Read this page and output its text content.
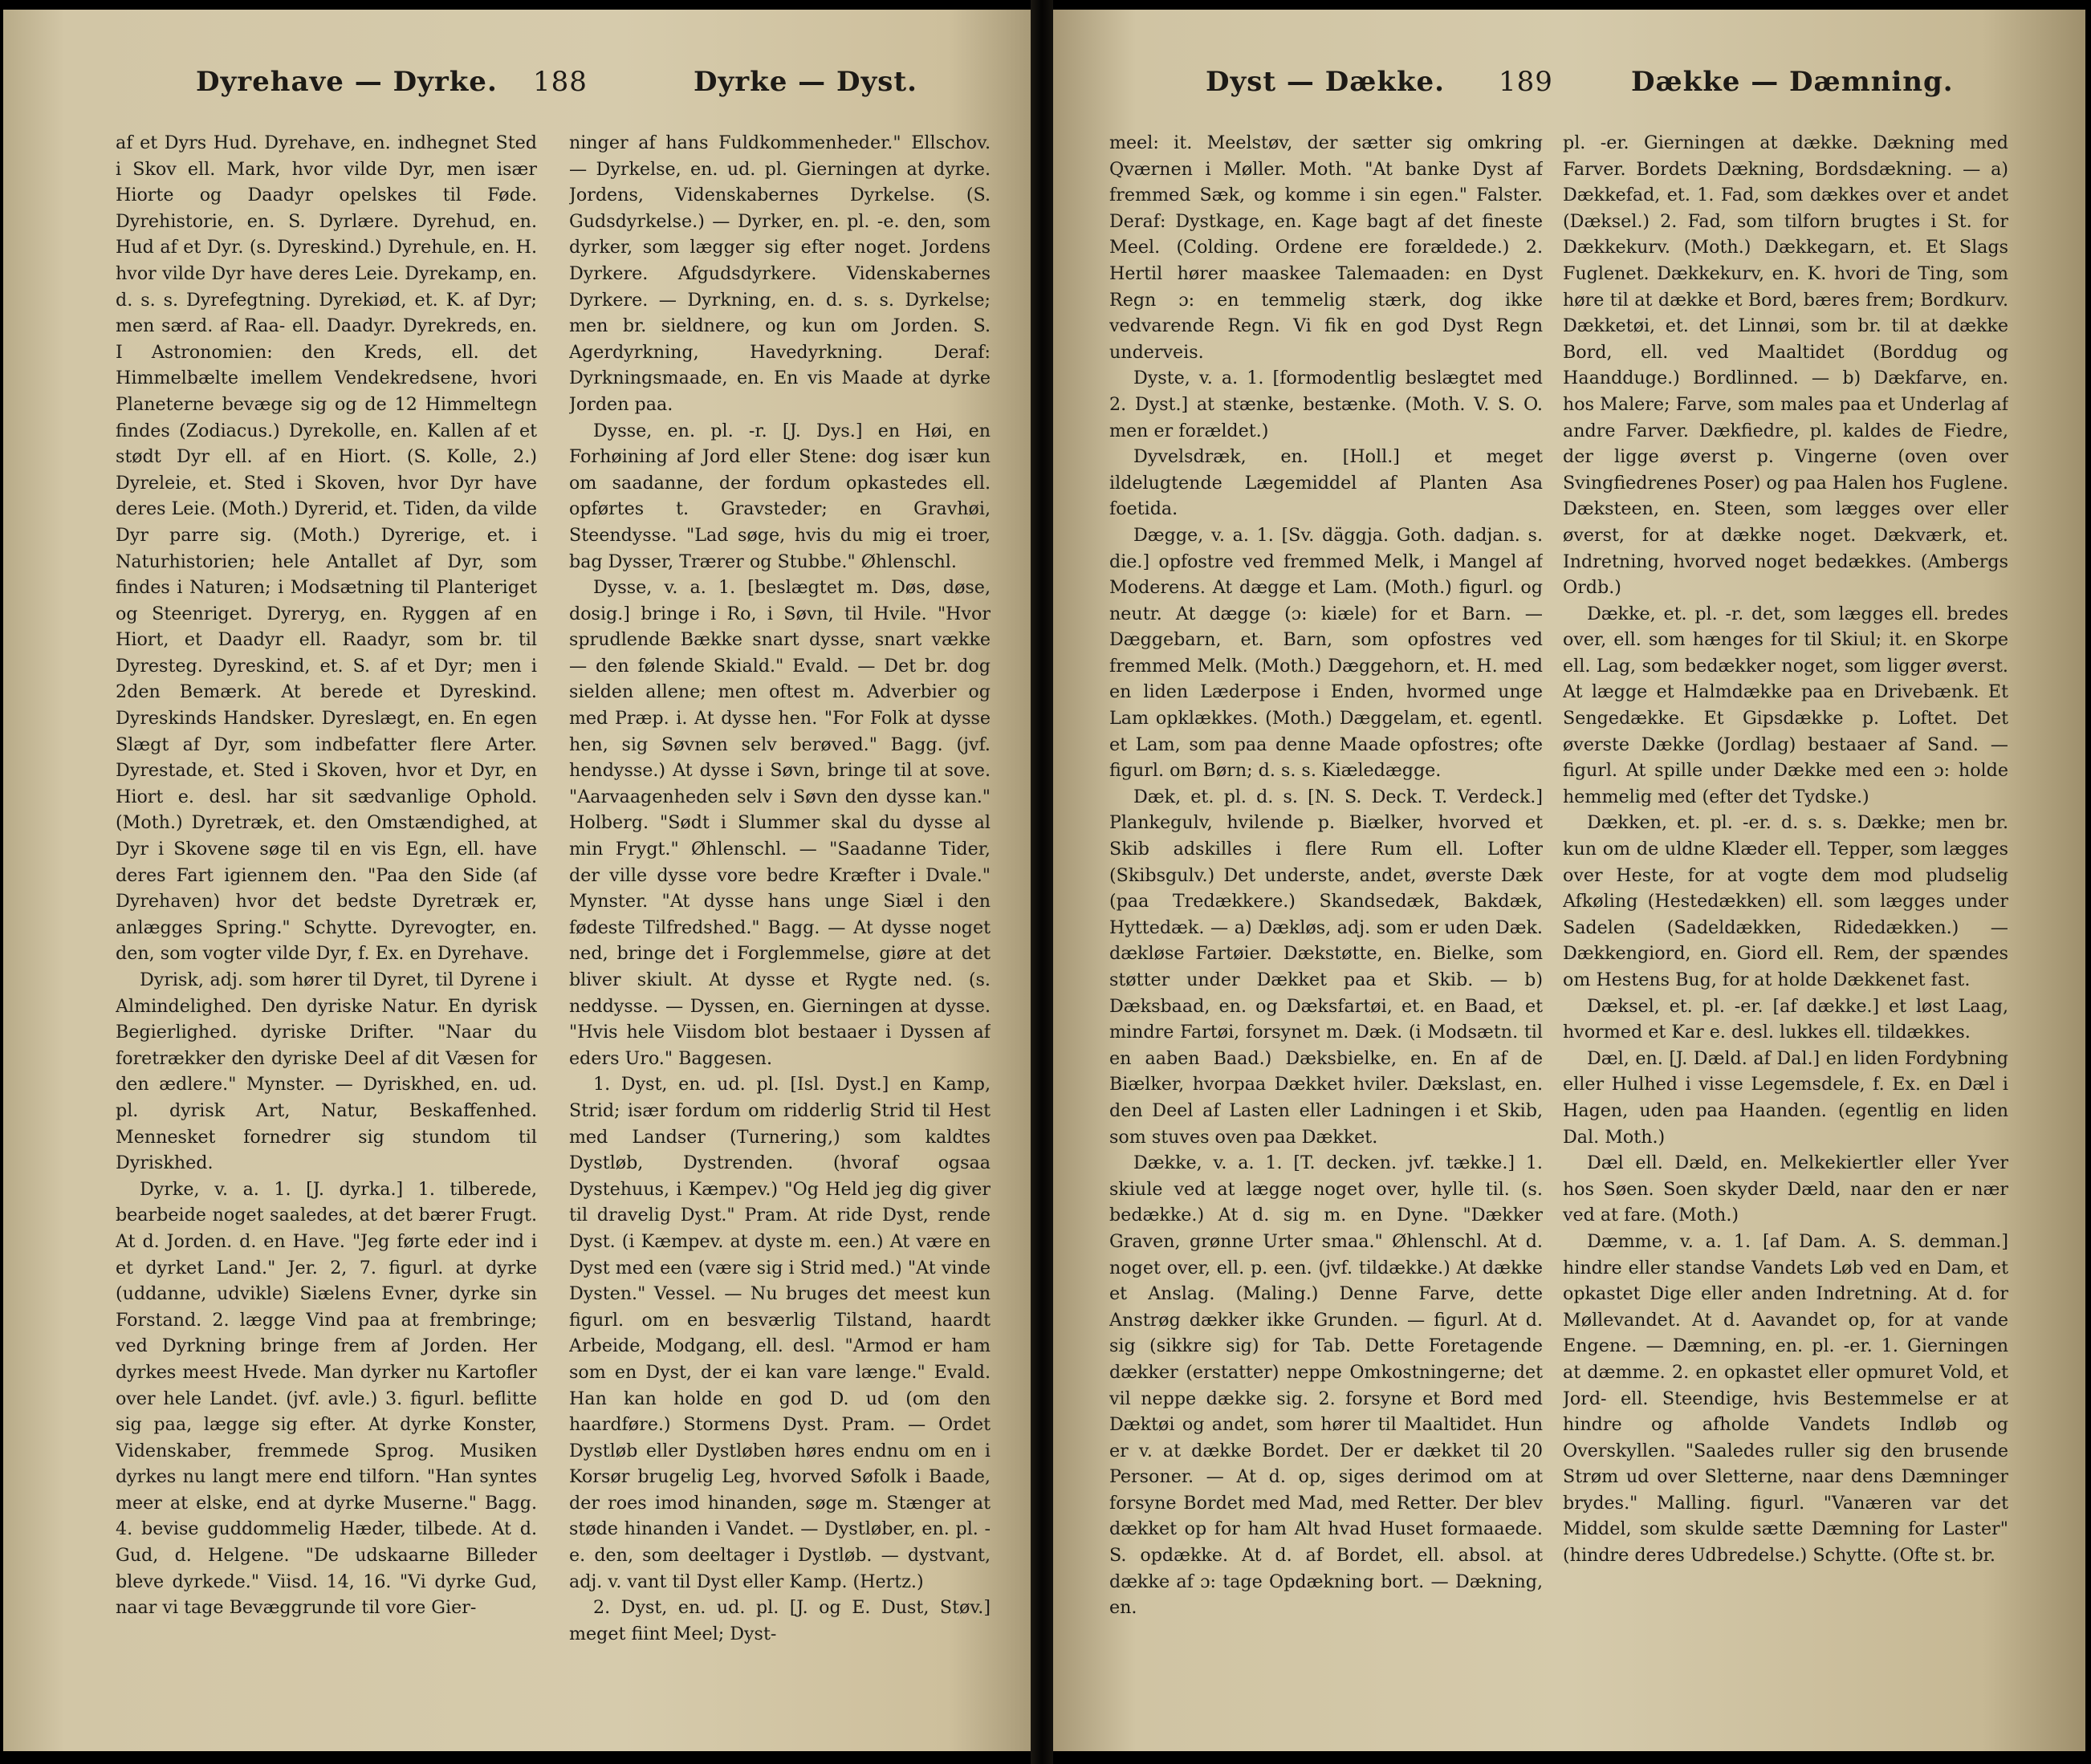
Dyrehave — Dyrke. 188	Dyrke — Dyst.

af et Dyrs Hud. Dyrehave, en. indhegnet Sted i Skov ell. Mark, hvor vilde Dyr, men især Hiorte og Daadyr opelskes til Føde. Dyrehistorie, en. S. Dyrlære. Dyrehud, en. Hud af et Dyr. (s. Dyreskind.) Dyrehule, en. H. hvor vilde Dyr have deres Leie. Dyrekamp, en. d. s. s. Dyrefegtning. Dyrekiød, et. K. af Dyr; men særd. af Raa- ell. Daadyr. Dyrekreds, en. I Astronomien: den Kreds, ell. det Himmelbælte imellem Vendekredsene, hvori Planeterne bevæge sig og de 12 Himmeltegn findes (Zodiacus.) Dyrekolle, en. Kallen af et stødt Dyr ell. af en Hiort. (S. Kolle, 2.) Dyreleie, et. Sted i Skoven, hvor Dyr have deres Leie. (Moth.) Dyrerid, et. Tiden, da vilde Dyr parre sig. (Moth.) Dyrerige, et. i Naturhistorien; hele Antallet af Dyr, som findes i Naturen; i Modsætning til Planteriget og Steenriget. Dyreryg, en. Ryggen af en Hiort, et Daadyr ell. Raadyr, som br. til Dyresteg. Dyreskind, et. S. af et Dyr; men i 2den Bemærk. At berede et Dyreskind. Dyreskinds Handsker. Dyreslægt, en. En egen Slægt af Dyr, som indbefatter flere Arter. Dyrestade, et. Sted i Skoven, hvor et Dyr, en Hiort e. desl. har sit sædvanlige Ophold. (Moth.) Dyretræk, et. den Omstændighed, at Dyr i Skovene søge til en vis Egn, ell. have deres Fart igiennem den. "Paa den Side (af Dyrehaven) hvor det bedste Dyretræk er, anlægges Spring." Schytte. Dyrevogter, en. den, som vogter vilde Dyr, f. Ex. en Dyrehave.

Dyrisk, adj. som hører til Dyret, til Dyrene i Almindelighed. Den dyriske Natur. En dyrisk Begierlighed. dyriske Drifter. "Naar du foretrækker den dyriske Deel af dit Væsen for den ædlere." Mynster. — Dyriskhed, en. ud. pl. dyrisk Art, Natur, Beskaffenhed. Mennesket fornedrer sig stundom til Dyriskhed.

Dyrke, v. a. 1. [J. dyrka.] 1. tilberede, bearbeide noget saaledes, at det bærer Frugt. At d. Jorden. d. en Have. "Jeg førte eder ind i et dyrket Land." Jer. 2, 7. figurl. at dyrke (uddanne, udvikle) Siælens Evner, dyrke sin Forstand. 2. lægge Vind paa at frembringe; ved Dyrkning bringe frem af Jorden. Her dyrkes meest Hvede. Man dyrker nu Kartofler over hele Landet. (jvf. avle.) 3. figurl. beflitte sig paa, lægge sig efter. At dyrke Konster, Videnskaber, fremmede Sprog. Musiken dyrkes nu langt mere end tilforn. "Han syntes meer at elske, end at dyrke Muserne." Bagg. 4. bevise guddommelig Hæder, tilbede. At d. Gud, d. Helgene. "De udskaarne Billeder bleve dyrkede." Viisd. 14, 16. "Vi dyrke Gud, naar vi tage Bevæggrunde til vore Gier-

ninger af hans Fuldkommenheder." Ellschov. — Dyrkelse, en. ud. pl. Gierningen at dyrke. Jordens, Videnskabernes Dyrkelse. (S. Gudsdyrkelse.) — Dyrker, en. pl. -e. den, som dyrker, som lægger sig efter noget. Jordens Dyrkere. Afgudsdyrkere. Videnskabernes Dyrkere. — Dyrkning, en. d. s. s. Dyrkelse; men br. sieldnere, og kun om Jorden. S. Agerdyrkning, Havedyrkning. Deraf: Dyrkningsmaade, en. En vis Maade at dyrke Jorden paa.

Dysse, en. pl. -r. [J. Dys.] en Høi, en Forhøining af Jord eller Stene: dog især kun om saadanne, der fordum opkastedes ell. opførtes t. Gravsteder; en Gravhøi, Steendysse. "Lad søge, hvis du mig ei troer, bag Dysser, Trærer og Stubbe." Øhlenschl.

Dysse, v. a. 1. [beslægtet m. Døs, døse, dosig.] bringe i Ro, i Søvn, til Hvile. "Hvor sprudlende Bække snart dysse, snart vække — den følende Skiald." Evald. — Det br. dog sielden allene; men oftest m. Adverbier og med Præp. i. At dysse hen. "For Folk at dysse hen, sig Søvnen selv berøved." Bagg. (jvf. hendysse.) At dysse i Søvn, bringe til at sove. "Aarvaagenheden selv i Søvn den dysse kan." Holberg. "Sødt i Slummer skal du dysse al min Frygt." Øhlenschl. — "Saadanne Tider, der ville dysse vore bedre Kræfter i Dvale." Mynster. "At dysse hans unge Siæl i den fødeste Tilfredshed." Bagg. — At dysse noget ned, bringe det i Forglemmelse, giøre at det bliver skiult. At dysse et Rygte ned. (s. neddysse. — Dyssen, en. Gierningen at dysse. "Hvis hele Viisdom blot bestaaer i Dyssen af eders Uro." Baggesen.

1. Dyst, en. ud. pl. [Isl. Dyst.] en Kamp, Strid; især fordum om ridderlig Strid til Hest med Landser (Turnering,) som kaldtes Dystløb, Dystrenden. (hvoraf ogsaa Dystehuus, i Kæmpev.) "Og Held jeg dig giver til dravelig Dyst." Pram. At ride Dyst, rende Dyst. (i Kæmpev. at dyste m. een.) At være en Dyst med een (være sig i Strid med.) "At vinde Dysten." Vessel. — Nu bruges det meest kun figurl. om en besværlig Tilstand, haardt Arbeide, Modgang, ell. desl. "Armod er ham som en Dyst, der ei kan vare længe." Evald. Han kan holde en god D. ud (om den haardføre.) Stormens Dyst. Pram. — Ordet Dystløb eller Dystløben høres endnu om en i Korsør brugelig Leg, hvorved Søfolk i Baade, der roes imod hinanden, søge m. Stænger at støde hinanden i Vandet. — Dystløber, en. pl. -e. den, som deeltager i Dystløb. — dystvant, adj. v. vant til Dyst eller Kamp. (Hertz.)

2. Dyst, en. ud. pl. [J. og E. Dust, Støv.] meget fiint Meel; Dyst-

Dyst — Dække. 189	Dække — Dæmning.

meel: it. Meelstøv, der sætter sig omkring Qværnen i Møller. Moth. "At banke Dyst af fremmed Sæk, og komme i sin egen." Falster. Deraf: Dystkage, en. Kage bagt af det fineste Meel. (Colding. Ordene ere forældede.) 2. Hertil hører maaskee Talemaaden: en Dyst Regn ɔ: en temmelig stærk, dog ikke vedvarende Regn. Vi fik en god Dyst Regn underveis.

Dyste, v. a. 1. [formodentlig beslægtet med 2. Dyst.] at stænke, bestænke. (Moth. V. S. O. men er forældet.)

Dyvelsdræk, en. [Holl.] et meget ildelugtende Lægemiddel af Planten Asa foetida.

Dægge, v. a. 1. [Sv. däggja. Goth. dadjan. s. die.] opfostre ved fremmed Melk, i Mangel af Moderens. At dægge et Lam. (Moth.) figurl. og neutr. At dægge (ɔ: kiæle) for et Barn. — Dæggebarn, et. Barn, som opfostres ved fremmed Melk. (Moth.) Dæggehorn, et. H. med en liden Læderpose i Enden, hvormed unge Lam opklækkes. (Moth.) Dæggelam, et. egentl. et Lam, som paa denne Maade opfostres; ofte figurl. om Børn; d. s. s. Kiæledægge.

Dæk, et. pl. d. s. [N. S. Deck. T. Verdeck.] Plankegulv, hvilende p. Biælker, hvorved et Skib adskilles i flere Rum ell. Lofter (Skibsgulv.) Det underste, andet, øverste Dæk (paa Tredækkere.) Skandsedæk, Bakdæk, Hyttedæk. — a) Dækløs, adj. som er uden Dæk. dækløse Fartøier. Dækstøtte, en. Bielke, som støtter under Dækket paa et Skib. — b) Dæksbaad, en. og Dæksfartøi, et. en Baad, et mindre Fartøi, forsynet m. Dæk. (i Modsætn. til en aaben Baad.) Dæksbielke, en. En af de Biælker, hvorpaa Dækket hviler. Dækslast, en. den Deel af Lasten eller Ladningen i et Skib, som stuves oven paa Dækket.

Dække, v. a. 1. [T. decken. jvf. tække.] 1. skiule ved at lægge noget over, hylle til. (s. bedække.) At d. sig m. en Dyne. "Dækker Graven, grønne Urter smaa." Øhlenschl. At d. noget over, ell. p. een. (jvf. tildække.) At dække et Anslag. (Maling.) Denne Farve, dette Anstrøg dækker ikke Grunden. — figurl. At d. sig (sikkre sig) for Tab. Dette Foretagende dækker (erstatter) neppe Omkostningerne; det vil neppe dække sig. 2. forsyne et Bord med Dæktøi og andet, som hører til Maaltidet. Hun er v. at dække Bordet. Der er dækket til 20 Personer. — At d. op, siges derimod om at forsyne Bordet med Mad, med Retter. Der blev dækket op for ham Alt hvad Huset formaaede. S. opdække. At d. af Bordet, ell. absol. at dække af ɔ: tage Opdækning bort. — Dækning, en.

pl. -er. Gierningen at dække. Dækning med Farver. Bordets Dækning, Bordsdækning. — a) Dækkefad, et. 1. Fad, som dækkes over et andet (Dæksel.) 2. Fad, som tilforn brugtes i St. for Dækkekurv. (Moth.) Dækkegarn, et. Et Slags Fuglenet. Dækkekurv, en. K. hvori de Ting, som høre til at dække et Bord, bæres frem; Bordkurv. Dækketøi, et. det Linnøi, som br. til at dække Bord, ell. ved Maaltidet (Borddug og Haandduge.) Bordlinned. — b) Dækfarve, en. hos Malere; Farve, som males paa et Underlag af andre Farver. Dækfiedre, pl. kaldes de Fiedre, der ligge øverst p. Vingerne (oven over Svingfiedrenes Poser) og paa Halen hos Fuglene. Dæksteen, en. Steen, som lægges over eller øverst, for at dække noget. Dækværk, et. Indretning, hvorved noget bedækkes. (Ambergs Ordb.)

Dække, et. pl. -r. det, som lægges ell. bredes over, ell. som hænges for til Skiul; it. en Skorpe ell. Lag, som bedækker noget, som ligger øverst. At lægge et Halmdække paa en Drivebænk. Et Sengedække. Et Gipsdække p. Loftet. Det øverste Dække (Jordlag) bestaaer af Sand. — figurl. At spille under Dække med een ɔ: holde hemmelig med (efter det Tydske.)

Dækken, et. pl. -er. d. s. s. Dække; men br. kun om de uldne Klæder ell. Tepper, som lægges over Heste, for at vogte dem mod pludselig Afkøling (Hestedækken) ell. som lægges under Sadelen (Sadeldækken, Ridedækken.) — Dækkengiord, en. Giord ell. Rem, der spændes om Hestens Bug, for at holde Dækkenet fast.

Dæksel, et. pl. -er. [af dække.] et løst Laag, hvormed et Kar e. desl. lukkes ell. tildækkes.

Dæl, en. [J. Dæld. af Dal.] en liden Fordybning eller Hulhed i visse Legemsdele, f. Ex. en Dæl i Hagen, uden paa Haanden. (egentlig en liden Dal. Moth.)

Dæl ell. Dæld, en. Melkekiertler eller Yver hos Søen. Soen skyder Dæld, naar den er nær ved at fare. (Moth.)

Dæmme, v. a. 1. [af Dam. A. S. demman.] hindre eller standse Vandets Løb ved en Dam, et opkastet Dige eller anden Indretning. At d. for Møllevandet. At d. Aavandet op, for at vande Engene. — Dæmning, en. pl. -er. 1. Gierningen at dæmme. 2. en opkastet eller opmuret Vold, et Jord- ell. Steendige, hvis Bestemmelse er at hindre og afholde Vandets Indløb og Overskyllen. "Saaledes ruller sig den brusende Strøm ud over Sletterne, naar dens Dæmninger brydes." Malling. figurl. "Vanæren var det Middel, som skulde sætte Dæmning for Laster" (hindre deres Udbredelse.) Schytte. (Ofte st. br.
